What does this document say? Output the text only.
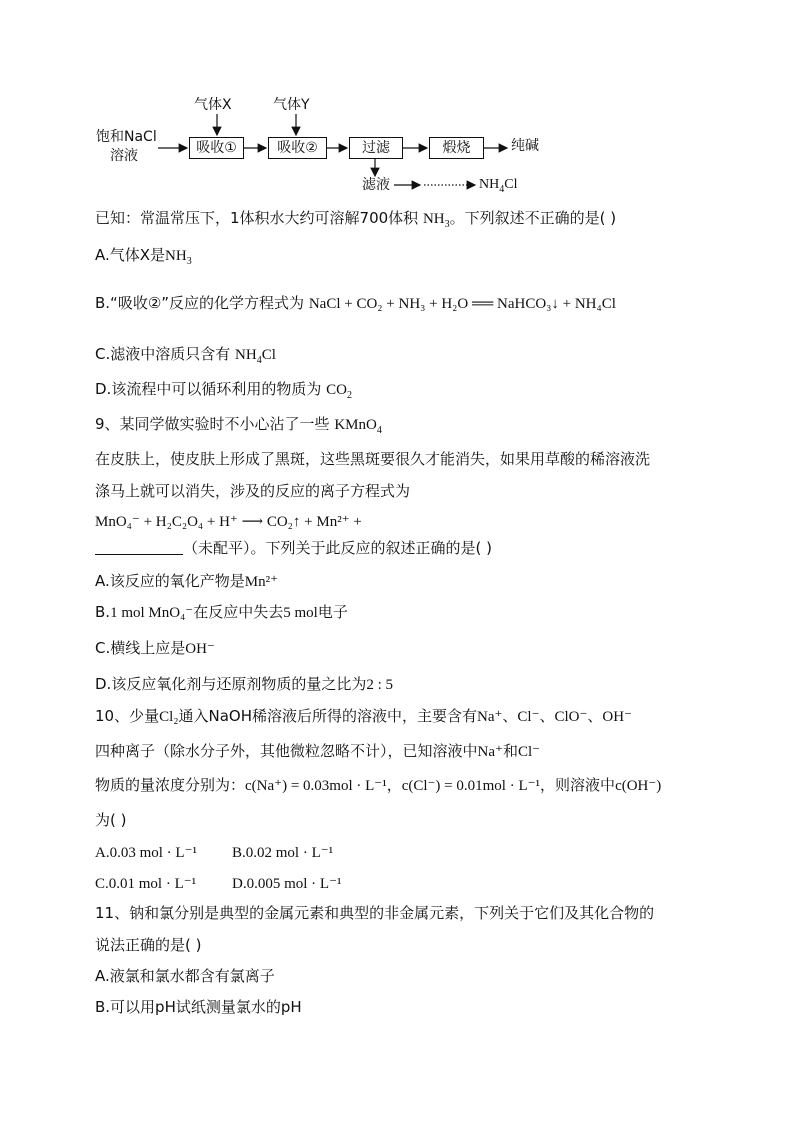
气体X	气体Y
饱和NaCl
溶液	吸收①	吸收②	过滤	煅烧	纯碱
滤液	$NH_4Cl$
已知：常温常压下，1体积水大约可溶解700体积 $NH_3$。下列叙述不正确的是( )
A.气体X是$NH_3$
B.“吸收②”反应的化学方程式为 NaCl + CO₂ + NH₃ + H₂O ══ NaHCO₃↓ + NH₄Cl
C.滤液中溶质只含有 $NH_4Cl$
D.该流程中可以循环利用的物质为 $CO_2$
9、某同学做实验时不小心沾了一些 KMnO$_4$
在皮肤上，使皮肤上形成了黑斑，这些黑斑要很久才能消失，如果用草酸的稀溶液洗
涤马上就可以消失，涉及的反应的离子方程式为
MnO₄⁻ + H₂C₂O₄ + H⁺ ⟶ CO₂↑ + Mn²⁺ +
（未配平）。下列关于此反应的叙述正确的是( )
A.该反应的氧化产物是Mn²⁺
B.1 mol MnO₄⁻在反应中失去5 mol电子
C.横线上应是OH⁻
D.该反应氧化剂与还原剂物质的量之比为2 : 5
10、少量Cl₂通入NaOH稀溶液后所得的溶液中，主要含有Na⁺、Cl⁻、ClO⁻、OH⁻
四种离子（除水分子外，其他微粒忽略不计），已知溶液中Na⁺和Cl⁻
物质的量浓度分别为：c(Na⁺) = 0.03mol · L⁻¹，c(Cl⁻) = 0.01mol · L⁻¹，则溶液中c(OH⁻)
为( )
A.0.03 mol · L⁻¹ B.0.02 mol · L⁻¹
C.0.01 mol · L⁻¹ D.0.005 mol · L⁻¹
11、钠和氯分别是典型的金属元素和典型的非金属元素，下列关于它们及其化合物的
说法正确的是( )
A.液氯和氯水都含有氯离子
B.可以用pH试纸测量氯水的pH
